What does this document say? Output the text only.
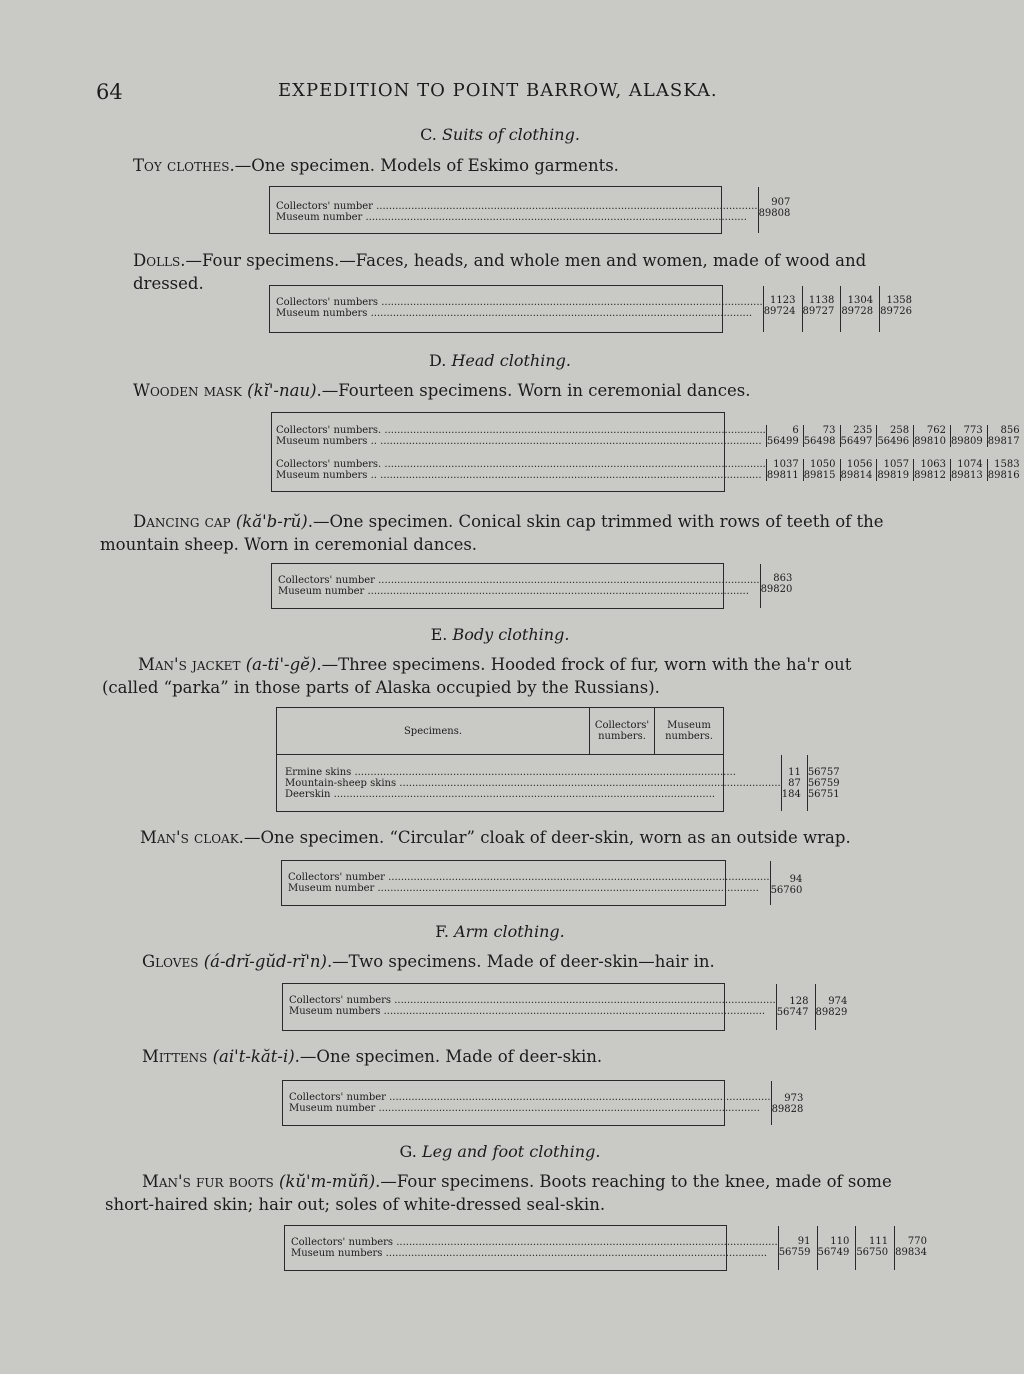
64	EXPEDITION TO POINT BARROW, ALASKA.
C. Suits of clothing.
Toy clothes.—One specimen. Models of Eskimo garments.
Collectors' number ........................................................................................................................
Museum number ........................................................................................................................
907
89808
Dolls.—Four specimens.—Faces, heads, and whole men and women, made of wood and dressed.
Collectors' numbers ........................................................................................................................
Museum numbers ........................................................................................................................
1123
89724
1138
89727
1304
89728
1358
89726
D. Head clothing.
Wooden mask (kĭ'-nau).—Fourteen specimens. Worn in ceremonial dances.
Collectors' numbers. ........................................................................................................................
Museum numbers .. ........................................................................................................................
6
56499
73
56498
235
56497
258
56496
762
89810
773
89809
856
89817
Collectors' numbers. ........................................................................................................................
Museum numbers .. ........................................................................................................................
1037
89811
1050
89815
1056
89814
1057
89819
1063
89812
1074
89813
1583
89816
Dancing cap (kă'b-rŭ).—One specimen. Conical skin cap trimmed with rows of teeth of the mountain sheep. Worn in ceremonial dances.
Collectors' number ........................................................................................................................
Museum number ........................................................................................................................
863
89820
E. Body clothing.
Man's jacket (a-ti'-gĕ).—Three specimens. Hooded frock of fur, worn with the ha'r out (called “parka” in those parts of Alaska occupied by the Russians).
Specimens.	Collectors' numbers.
Museum numbers.
Ermine skins ........................................................................................................................
Mountain-sheep skins ........................................................................................................................
Deerskin ........................................................................................................................
11
87
184
56757
56759
56751
Man's cloak.—One specimen. “Circular” cloak of deer-skin, worn as an outside wrap.
Collectors' number ........................................................................................................................
Museum number ........................................................................................................................
94
56760
F. Arm clothing.
Gloves (á-drĭ-gŭd-rĭ'n).—Two specimens. Made of deer-skin—hair in.
Collectors' numbers ........................................................................................................................
Museum numbers ........................................................................................................................
128
56747
974
89829
Mittens (ai't-kăt-i).—One specimen. Made of deer-skin.
Collectors' number ........................................................................................................................
Museum number ........................................................................................................................
973
89828
G. Leg and foot clothing.
Man's fur boots (kŭ'm-mŭñ).—Four specimens. Boots reaching to the knee, made of some short-haired skin; hair out; soles of white-dressed seal-skin.
Collectors' numbers ........................................................................................................................
Museum numbers ........................................................................................................................
91
56759
110
56749
111
56750
770
89834
